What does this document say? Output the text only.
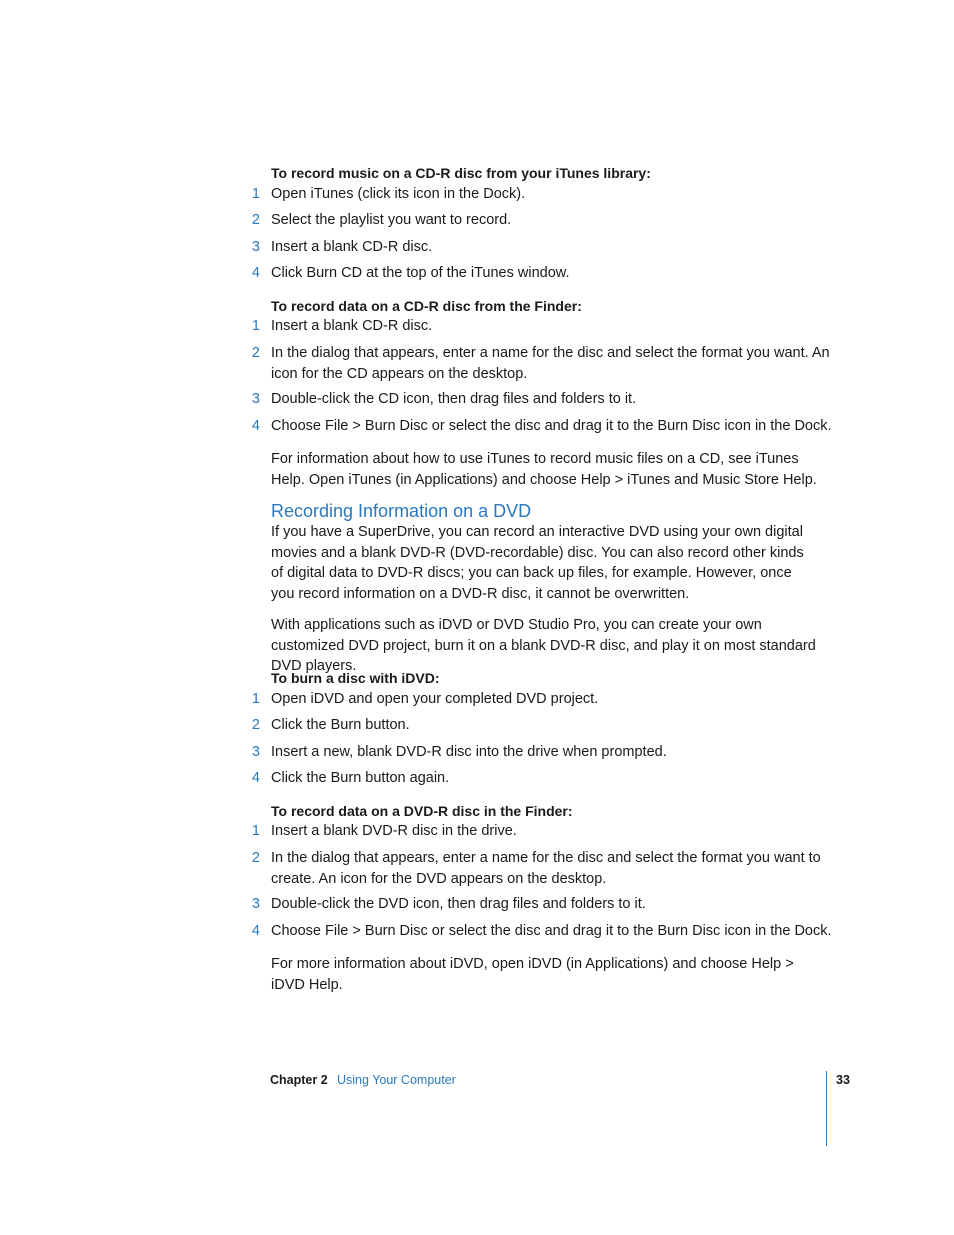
To record music on a CD-R disc from your iTunes library:
1 Open iTunes (click its icon in the Dock).
2 Select the playlist you want to record.
3 Insert a blank CD-R disc.
4 Click Burn CD at the top of the iTunes window.
To record data on a CD-R disc from the Finder:
1 Insert a blank CD-R disc.
2 In the dialog that appears, enter a name for the disc and select the format you want. An icon for the CD appears on the desktop.
3 Double-click the CD icon, then drag files and folders to it.
4 Choose File > Burn Disc or select the disc and drag it to the Burn Disc icon in the Dock.
For information about how to use iTunes to record music files on a CD, see iTunes Help. Open iTunes (in Applications) and choose Help > iTunes and Music Store Help.
Recording Information on a DVD
If you have a SuperDrive, you can record an interactive DVD using your own digital movies and a blank DVD-R (DVD-recordable) disc. You can also record other kinds of digital data to DVD-R discs; you can back up files, for example. However, once you record information on a DVD-R disc, it cannot be overwritten.
With applications such as iDVD or DVD Studio Pro, you can create your own customized DVD project, burn it on a blank DVD-R disc, and play it on most standard DVD players.
To burn a disc with iDVD:
1 Open iDVD and open your completed DVD project.
2 Click the Burn button.
3 Insert a new, blank DVD-R disc into the drive when prompted.
4 Click the Burn button again.
To record data on a DVD-R disc in the Finder:
1 Insert a blank DVD-R disc in the drive.
2 In the dialog that appears, enter a name for the disc and select the format you want to create. An icon for the DVD appears on the desktop.
3 Double-click the DVD icon, then drag files and folders to it.
4 Choose File > Burn Disc or select the disc and drag it to the Burn Disc icon in the Dock.
For more information about iDVD, open iDVD (in Applications) and choose Help > iDVD Help.
Chapter 2 Using Your Computer	33
